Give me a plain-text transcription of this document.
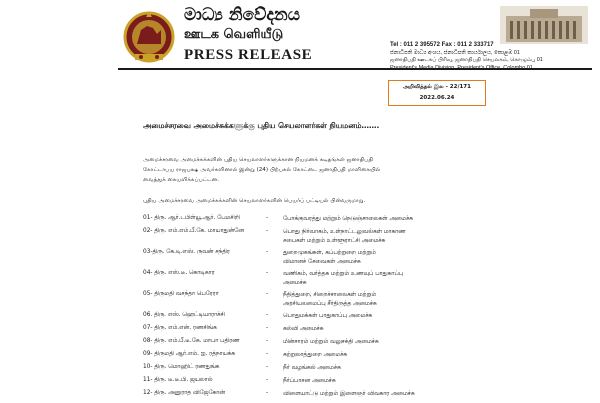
මාධ්‍ය නිවේදනය
ஊடக வெளியீடு
PRESS RELEASE
Tel : 011 2 395572 Fax : 011 2 333717
ජනාධිපති මාධ්‍ය අංශය, ජනාධිපති කාර්යාලය, කොළඹ 01
ஜனாதிபதி ஊடகப் பிரிவு, ஜனாதிபதி செயலகம், கொழும்பு 01
அறிவித்தல் இல - 22/171
2022.06.24
அமைச்சரவை அமைச்சுக்களுக்கு புதிய செயலாளர்கள் நியமனம்…….
அமைச்சரவை அமைச்சுக்களின் புதிய செயலாளர்களுக்கான நியமனக் கடிதங்கள் ஜனாதிபதி
கோட்டாபய ராஜபக்ஷ அவர்களினால் இன்று (24) பிற்பகல் கோட்டை ஜனாதிபதி மாளிகையில்
வைத்துக் கையளிக்கப்பட்டன.
புதிய அமைச்சரவை அமைச்சுக்களின் செயலாளர்களின் பெயர்ப் பட்டியல் பின்வருமாறு.
01- திரு. ஆர்.டபிள்யூ.ஆர். பேமசிறி	-	போக்குவரத்து மற்றும் நெடுஞ்சாலைகள் அமைச்சு
02- திரு. எம்.எம்.பீ.கே. மாயாதுன்னே	-	பொது நிர்வாகம், உள்நாட்டலுவல்கள் மாகாண
சபைகள் மற்றும் உள்ளூராட்சி அமைச்சு
03-திரு. கே.டி.எஸ். ருவன் சந்திர	-	துறைமுகங்கள், கப்பற்றுறை மற்றும்
விமானச் சேவைகள் அமைச்சு
04- திரு. எஸ்.டீ. கொடிகார	-	வணிகம், வர்த்தக மற்றும் உணவுப் பாதுகாப்பு
அமைச்சு
05- திருமதி வசந்தா பெரேரா	-	நீதித்துறை, சிறைச்சாலைகள் மற்றும்
அரசியலமைப்பு சீர்திருத்த அமைச்சு
06. திரு. எஸ். ஹெட்டியாராச்சி	-	பொதுமக்கள் பாதுகாப்பு அமைச்சு
07- திரு. எம்.என். ரணசிங்க	-	கல்வி அமைச்சு
08- திரு. எம்.பீ.டீ.கே. மாபா பதிரண	-	மின்சாரம் மற்றும் வலுசக்தி அமைச்சு
09- திருமதி ஆர்.எம். ஐ. ரத்நாயக்க	-	சுற்றுலாத்துறை அமைச்சு
10- திரு. மொஹிட் ரணதுங்க	-	நீர் வழங்கல் அமைச்சு
11- திரு. டீ.டீ.பி. ஜயலால்	-	நீர்ப்பாசன அமைச்சு
12- திரு. அனுராத விஜேகோன்	-	விளையாட்டு மற்றும் இளைஞர் விவகார அமைச்சு
